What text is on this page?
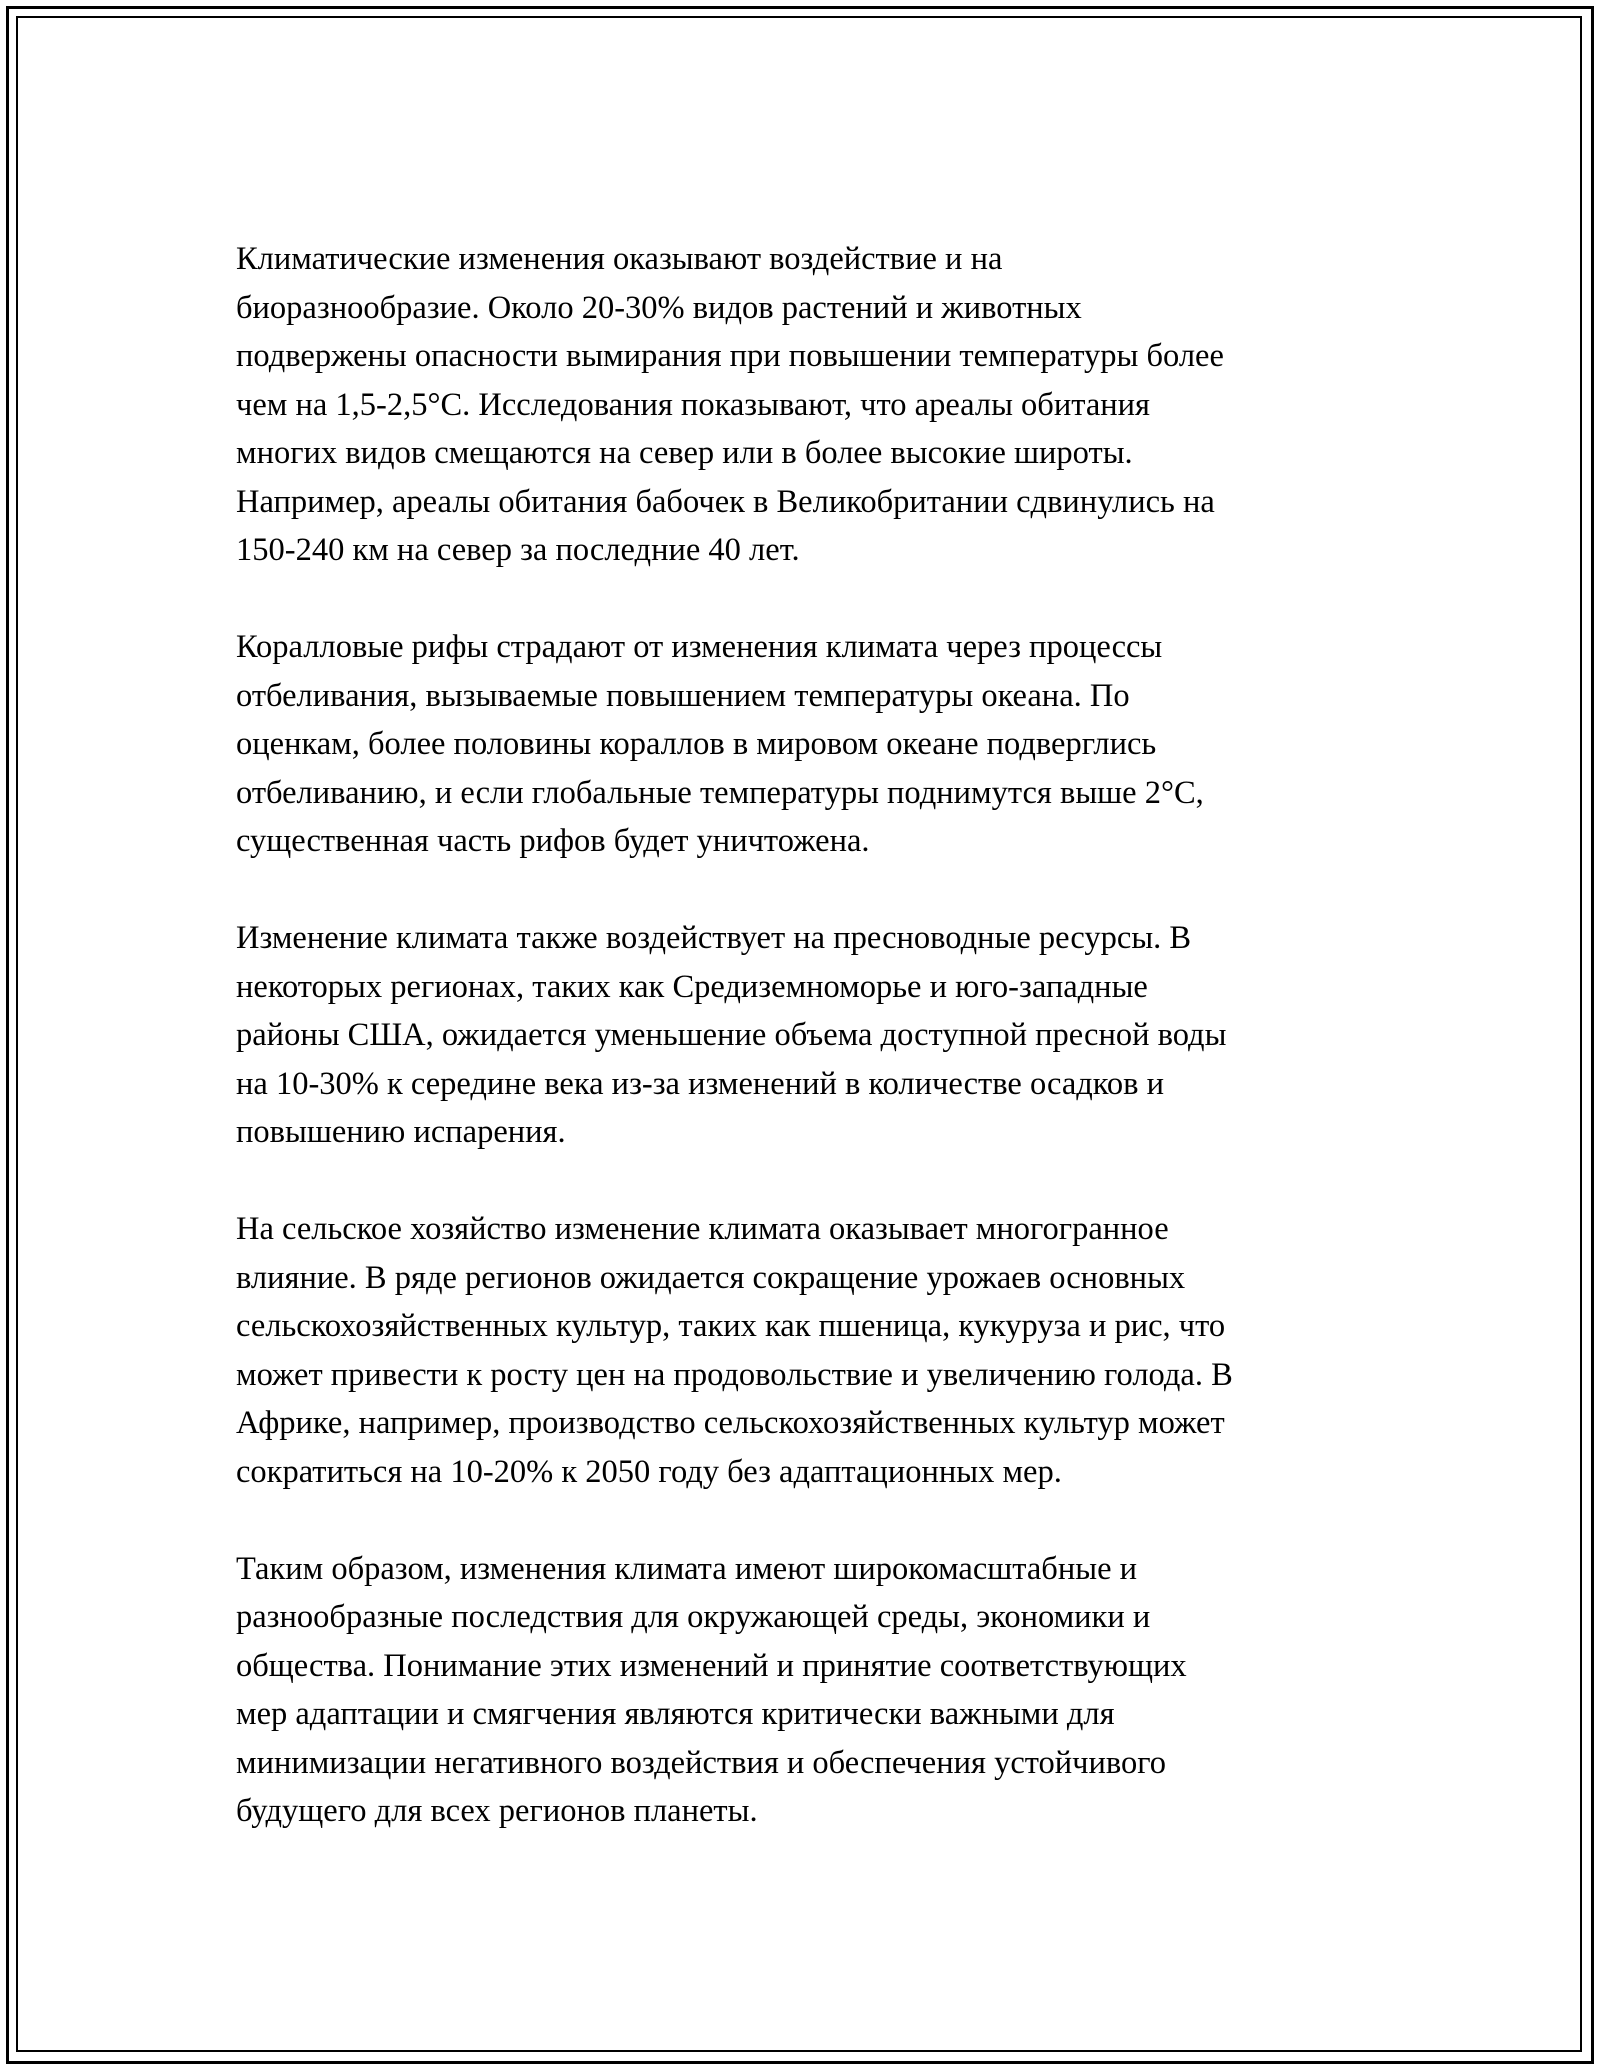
Климатические изменения оказывают воздействие и на
биоразнообразие. Около 20-30% видов растений и животных
подвержены опасности вымирания при повышении температуры более
чем на 1,5-2,5°C. Исследования показывают, что ареалы обитания
многих видов смещаются на север или в более высокие широты.
Например, ареалы обитания бабочек в Великобритании сдвинулись на
150-240 км на север за последние 40 лет.
Коралловые рифы страдают от изменения климата через процессы
отбеливания, вызываемые повышением температуры океана. По
оценкам, более половины кораллов в мировом океане подверглись
отбеливанию, и если глобальные температуры поднимутся выше 2°C,
существенная часть рифов будет уничтожена.
Изменение климата также воздействует на пресноводные ресурсы. В
некоторых регионах, таких как Средиземноморье и юго-западные
районы США, ожидается уменьшение объема доступной пресной воды
на 10-30% к середине века из-за изменений в количестве осадков и
повышению испарения.
На сельское хозяйство изменение климата оказывает многогранное
влияние. В ряде регионов ожидается сокращение урожаев основных
сельскохозяйственных культур, таких как пшеница, кукуруза и рис, что
может привести к росту цен на продовольствие и увеличению голода. В
Африке, например, производство сельскохозяйственных культур может
сократиться на 10-20% к 2050 году без адаптационных мер.
Таким образом, изменения климата имеют широкомасштабные и
разнообразные последствия для окружающей среды, экономики и
общества. Понимание этих изменений и принятие соответствующих
мер адаптации и смягчения являются критически важными для
минимизации негативного воздействия и обеспечения устойчивого
будущего для всех регионов планеты.
